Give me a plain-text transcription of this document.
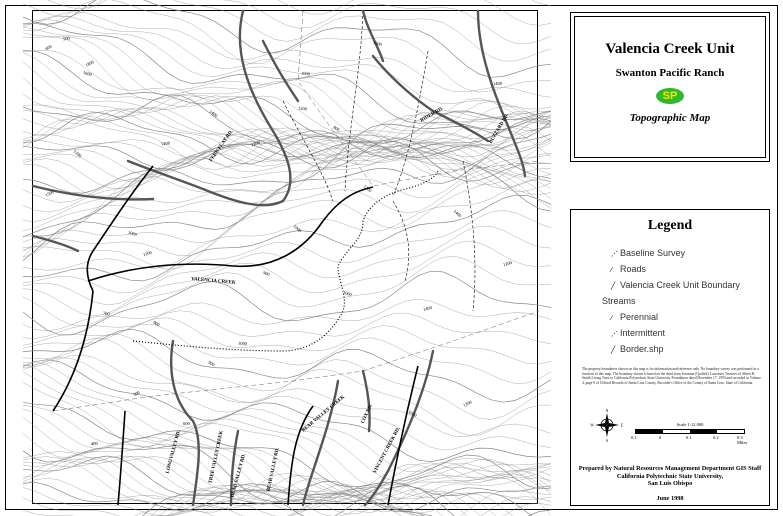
FERN FLAT RD.
RIDER RD.	BUZZARD RD.
VALENCIA CREEK
LONGVALLEY RD.	TREE VALLEY CREEK DEAD VALLEY RD.	BEAR VALLEY RD.
BEAR VALLEY CREEK	COX RD.
VINCENT CREEK RD.
600
500
1600
1400
1200
1000
800
1500
1400
1000
1300
1100
1200
900
1800
400
1000
1200
1400
1000
1000
1200
1400
1600
1400
1200
700
900
500
600
900
1000
Valencia Creek Unit
Swanton Pacific Ranch
SP
Topographic Map
Legend
⋰ Baseline Survey
⁄ Roads
╱ Valencia Creek Unit Boundary
Streams
∕ Perennial
⋰ Intermittent
╱ Border.shp
The property boundaries shown on this map is for information and reference only. No boundary survey was performed as a function of this map. The boundary shown is based on the deed from Swanton (Quilted), Lancaster Trustees of Albert B. Smith Living Trust to California Polytechnic State University Foundation dated December 17, 1993 and recorded in Volume 4, page 9 of Official Records of Santa Cruz County, Recorder's Office of the County of Santa Cruz, State of California.
N
S
W	E	Scale 1:12 000
0.1	0	0.1	0.2	0.3 Miles
Prepared by Natural Resources Management Department GIS Staff
California Polytechnic State University,
San Luis Obispo
June 1998
